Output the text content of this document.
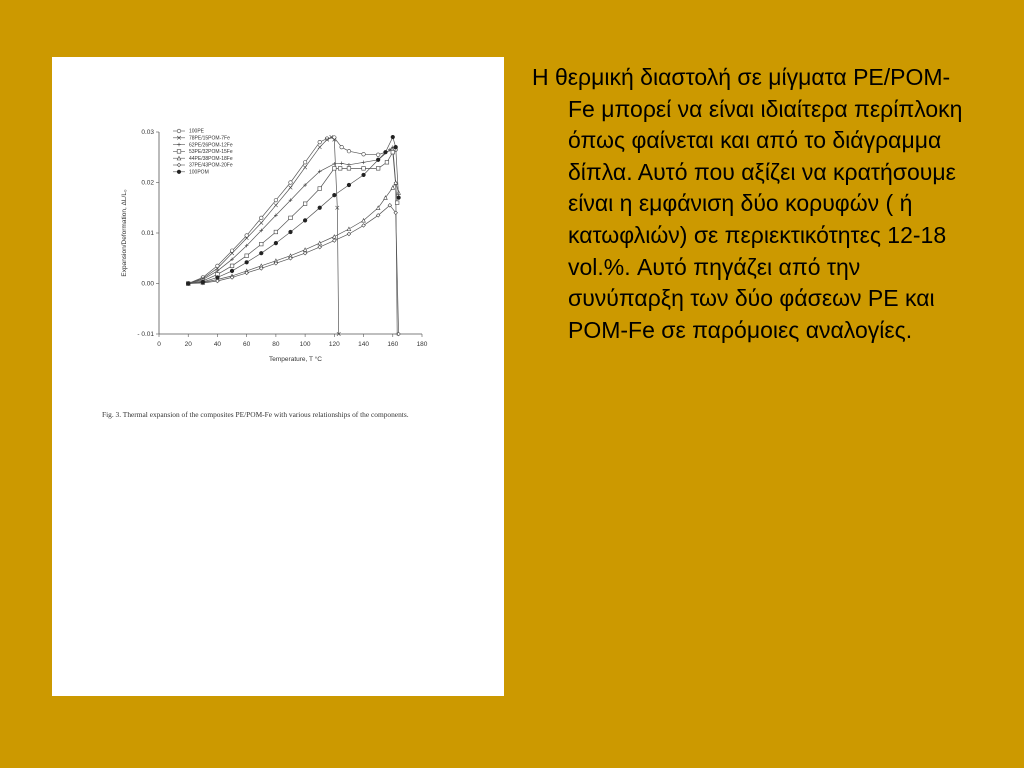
0	20	40	60	80	100	120	140	160	180
0.03
0.02
0.01
0.00
- 0.01
Temperature, T °C
Expansion/Deformation, ΔL/L₀
100PE
78PE/15POM-7Fe
62PE/26POM-12Fe
53PE/32POM-15Fe
44PE/38POM-18Fe
37PE/43POM-20Fe
100POM
Fig. 3. Thermal expansion of the composites PE/POM-Fe with various relationships of the components.

Η θερμική διαστολή σε μίγματα PE/POM-Fe μπορεί να είναι ιδιαίτερα περίπλοκη όπως φαίνεται και από το διάγραμμα δίπλα. Αυτό που αξίζει να κρατήσουμε είναι η εμφάνιση δύο κορυφών ( ή κατωφλιών) σε περιεκτικότητες 12-18 vol.%. Αυτό πηγάζει από την συνύπαρξη των δύο φάσεων PE και POM-Fe σε παρόμοιες αναλογίες.
